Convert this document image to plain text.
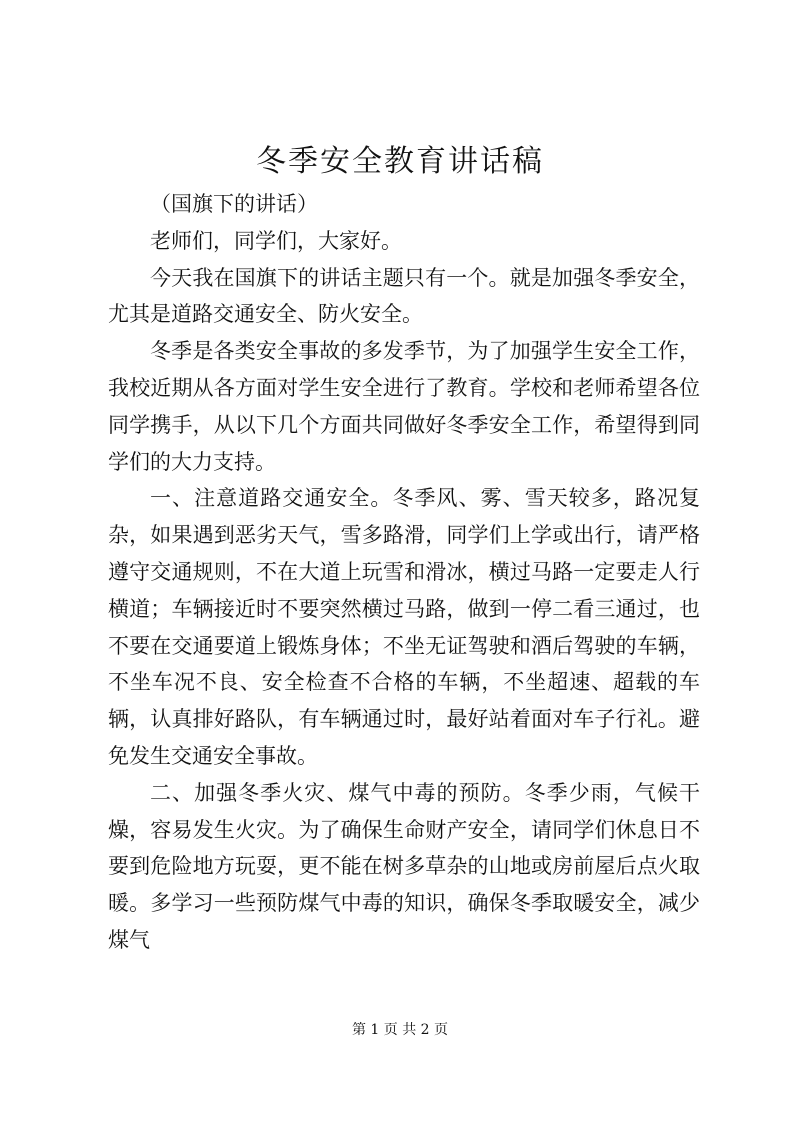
冬季安全教育讲话稿

（国旗下的讲话）

老师们，同学们，大家好。

今天我在国旗下的讲话主题只有一个。就是加强冬季安全，尤其是道路交通安全、防火安全。

冬季是各类安全事故的多发季节，为了加强学生安全工作，我校近期从各方面对学生安全进行了教育。学校和老师希望各位同学携手，从以下几个方面共同做好冬季安全工作，希望得到同学们的大力支持。

一、注意道路交通安全。冬季风、雾、雪天较多，路况复杂，如果遇到恶劣天气，雪多路滑，同学们上学或出行，请严格遵守交通规则，不在大道上玩雪和滑冰，横过马路一定要走人行横道；车辆接近时不要突然横过马路，做到一停二看三通过，也不要在交通要道上锻炼身体；不坐无证驾驶和酒后驾驶的车辆，不坐车况不良、安全检查不合格的车辆，不坐超速、超载的车辆，认真排好路队，有车辆通过时，最好站着面对车子行礼。避免发生交通安全事故。

二、加强冬季火灾、煤气中毒的预防。冬季少雨，气候干燥，容易发生火灾。为了确保生命财产安全，请同学们休息日不要到危险地方玩耍，更不能在树多草杂的山地或房前屋后点火取暖。多学习一些预防煤气中毒的知识，确保冬季取暖安全，减少煤气

第 1 页 共 2 页
